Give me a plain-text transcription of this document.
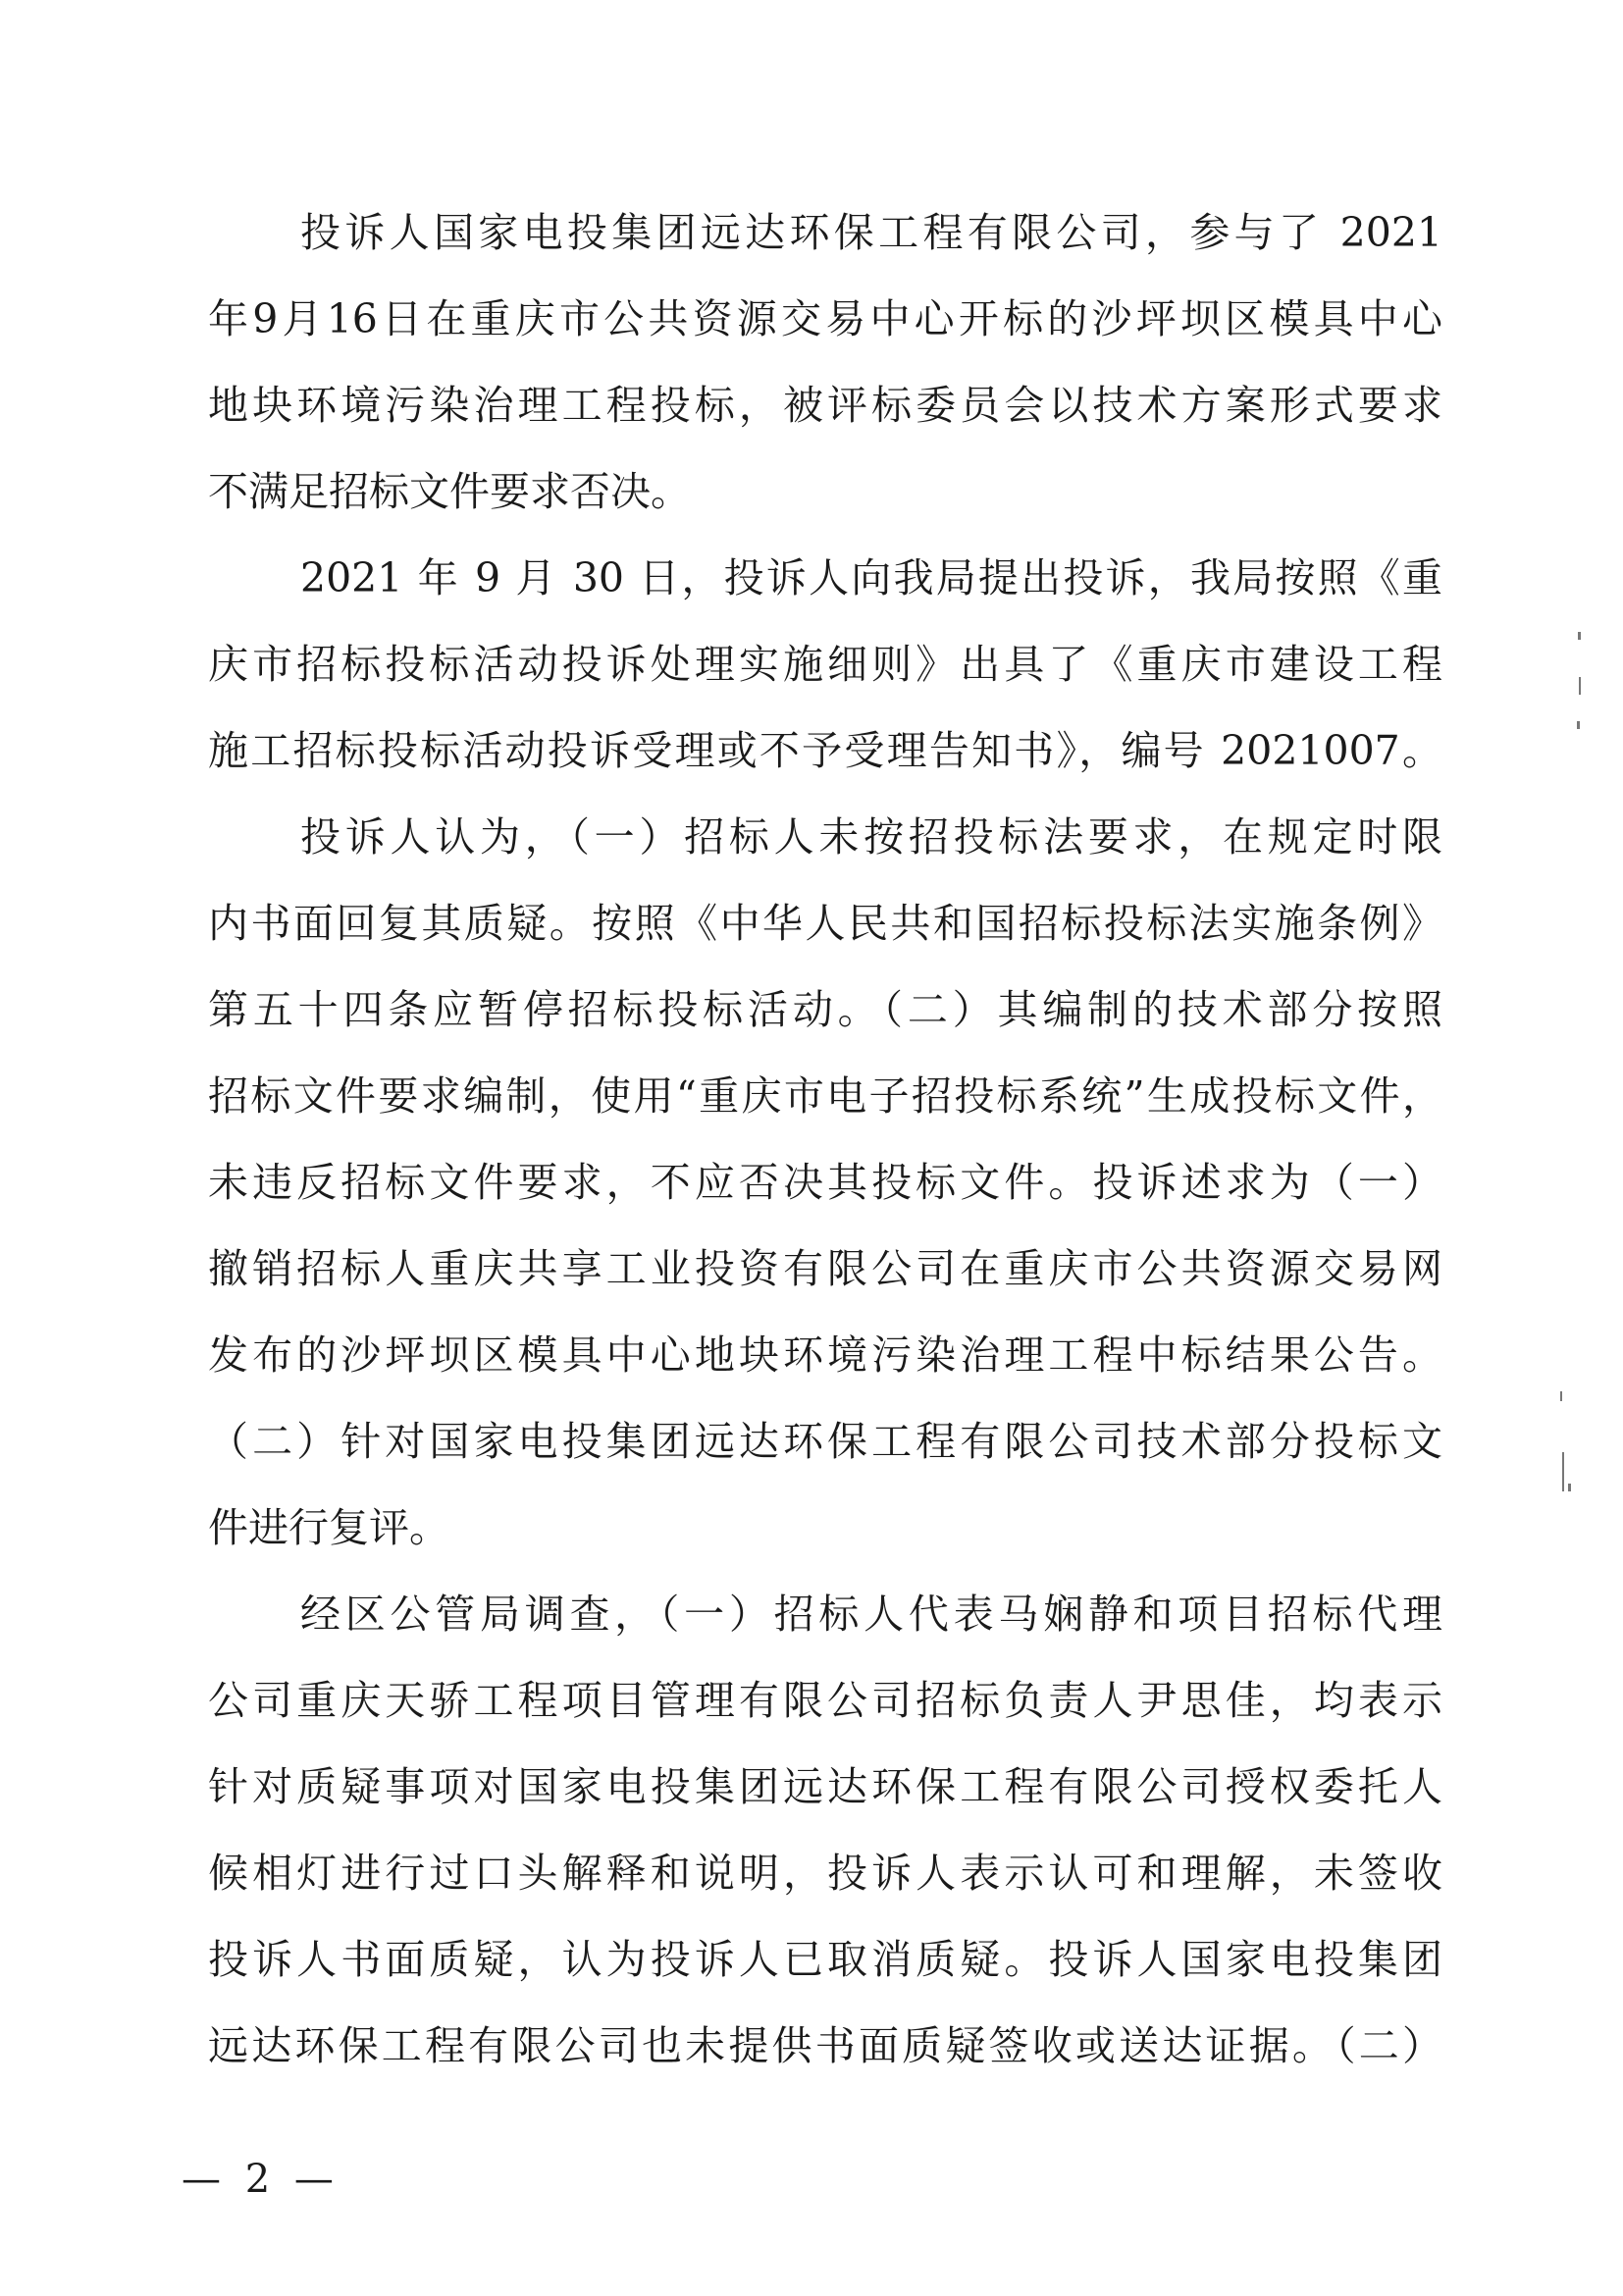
投诉人国家电投集团远达环保工程有限公司，参与了 2021
年9月16日在重庆市公共资源交易中心开标的沙坪坝区模具中心
地块环境污染治理工程投标，被评标委员会以技术方案形式要求
不满足招标文件要求否决。
2021 年 9 月 30 日，投诉人向我局提出投诉，我局按照《重
庆市招标投标活动投诉处理实施细则》出具了《重庆市建设工程
施工招标投标活动投诉受理或不予受理告知书》，编号 2021007。
投诉人认为，（一）招标人未按招投标法要求，在规定时限
内书面回复其质疑。按照《中华人民共和国招标投标法实施条例》
第五十四条应暂停招标投标活动。（二）其编制的技术部分按照
招标文件要求编制，使用“重庆市电子招投标系统”生成投标文件，
未违反招标文件要求，不应否决其投标文件。投诉述求为（一）
撤销招标人重庆共享工业投资有限公司在重庆市公共资源交易网
发布的沙坪坝区模具中心地块环境污染治理工程中标结果公告。
（二）针对国家电投集团远达环保工程有限公司技术部分投标文
件进行复评。
经区公管局调查，（一）招标人代表马娴静和项目招标代理
公司重庆天骄工程项目管理有限公司招标负责人尹思佳，均表示
针对质疑事项对国家电投集团远达环保工程有限公司授权委托人
候相灯进行过口头解释和说明，投诉人表示认可和理解，未签收
投诉人书面质疑，认为投诉人已取消质疑。投诉人国家电投集团
远达环保工程有限公司也未提供书面质疑签收或送达证据。（二）
— 2 —
